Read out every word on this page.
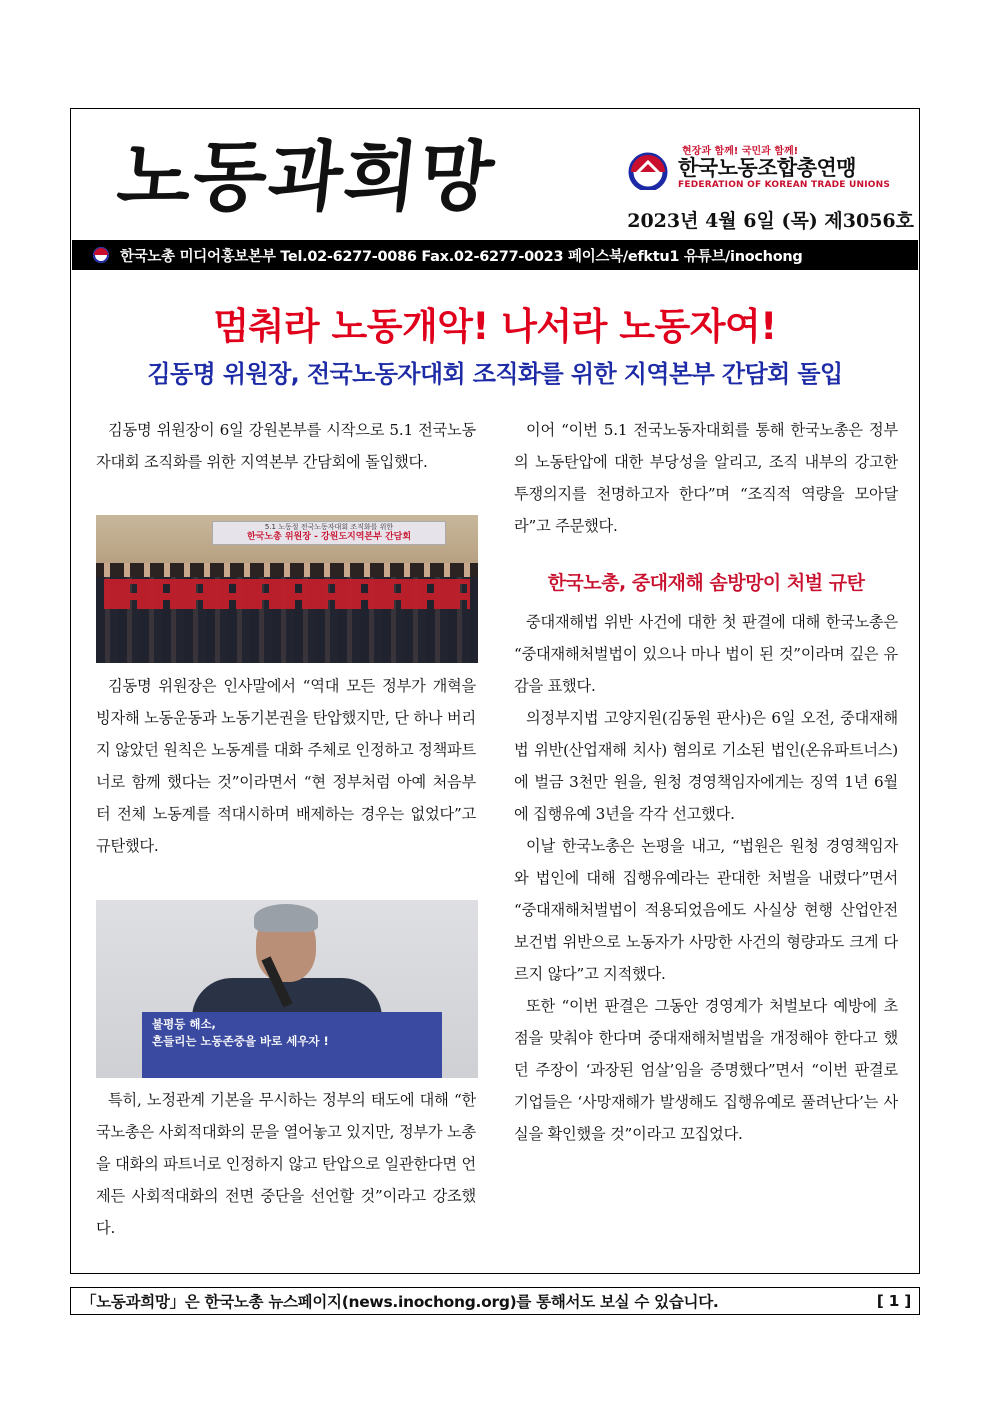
노동과희망	현장과 함께! 국민과 함께!
한국노동조합총연맹
FEDERATION OF KOREAN TRADE UNIONS
2023년 4월 6일 (목) 제3056호
한국노총 미디어홍보본부 Tel.02-6277-0086 Fax.02-6277-0023 페이스북/efktu1 유튜브/inochong
멈춰라 노동개악! 나서라 노동자여!
김동명 위원장, 전국노동자대회 조직화를 위한 지역본부 간담회 돌입

김동명 위원장이 6일 강원본부를 시작으로 5.1 전국노동자대회 조직화를 위한 지역본부 간담회에 돌입했다.

5.1 노동절 전국노동자대회 조직화를 위한
한국노총 위원장 - 강원도지역본부 간담회

김동명 위원장은 인사말에서 “역대 모든 정부가 개혁을 빙자해 노동운동과 노동기본권을 탄압했지만, 단 하나 버리지 않았던 원칙은 노동계를 대화 주체로 인정하고 정책파트너로 함께 했다는 것”이라면서 “현 정부처럼 아예 처음부터 전체 노동계를 적대시하며 배제하는 경우는 없었다”고 규탄했다.

불평등 해소,
흔들리는 노동존중을 바로 세우자 !

특히, 노정관계 기본을 무시하는 정부의 태도에 대해 “한국노총은 사회적대화의 문을 열어놓고 있지만, 정부가 노총을 대화의 파트너로 인정하지 않고 탄압으로 일관한다면 언제든 사회적대화의 전면 중단을 선언할 것”이라고 강조했다.

이어 “이번 5.1 전국노동자대회를 통해 한국노총은 정부의 노동탄압에 대한 부당성을 알리고, 조직 내부의 강고한 투쟁의지를 천명하고자 한다”며 “조직적 역량을 모아달라”고 주문했다.

한국노총, 중대재해 솜방망이 처벌 규탄

중대재해법 위반 사건에 대한 첫 판결에 대해 한국노총은 “중대재해처벌법이 있으나 마나 법이 된 것”이라며 깊은 유감을 표했다.

의정부지법 고양지원(김동원 판사)은 6일 오전, 중대재해법 위반(산업재해 치사) 혐의로 기소된 법인(온유파트너스)에 벌금 3천만 원을, 원청 경영책임자에게는 징역 1년 6월에 집행유예 3년을 각각 선고했다.

이날 한국노총은 논평을 내고, “법원은 원청 경영책임자와 법인에 대해 집행유예라는 관대한 처벌을 내렸다”면서 “중대재해처벌법이 적용되었음에도 사실상 현행 산업안전보건법 위반으로 노동자가 사망한 사건의 형량과도 크게 다르지 않다”고 지적했다.

또한 “이번 판결은 그동안 경영계가 처벌보다 예방에 초점을 맞춰야 한다며 중대재해처벌법을 개정해야 한다고 했던 주장이 ‘과장된 엄살’임을 증명했다”면서 “이번 판결로 기업들은 ‘사망재해가 발생해도 집행유예로 풀려난다’는 사실을 확인했을 것”이라고 꼬집었다.

「노동과희망」은 한국노총 뉴스페이지(news.inochong.org)를 통해서도 보실 수 있습니다.	[ 1 ]
